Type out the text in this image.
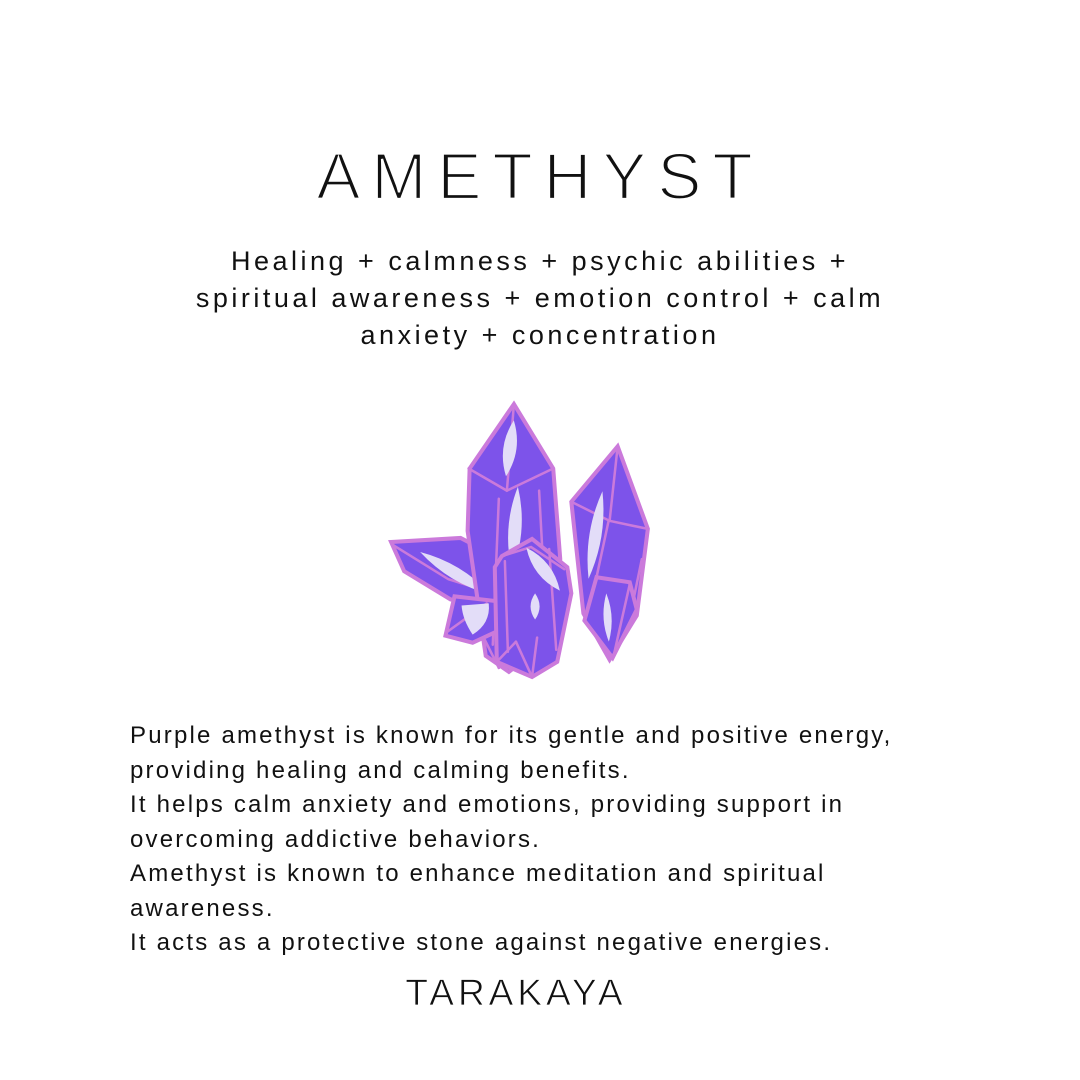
AMETHYST
Healing + calmness + psychic abilities +
spiritual awareness + emotion control + calm
anxiety + concentration
Purple amethyst is known for its gentle and positive energy,
providing healing and calming benefits.
It helps calm anxiety and emotions, providing support in
overcoming addictive behaviors.
Amethyst is known to enhance meditation and spiritual
awareness.
It acts as a protective stone against negative energies.
TARAKAYA
